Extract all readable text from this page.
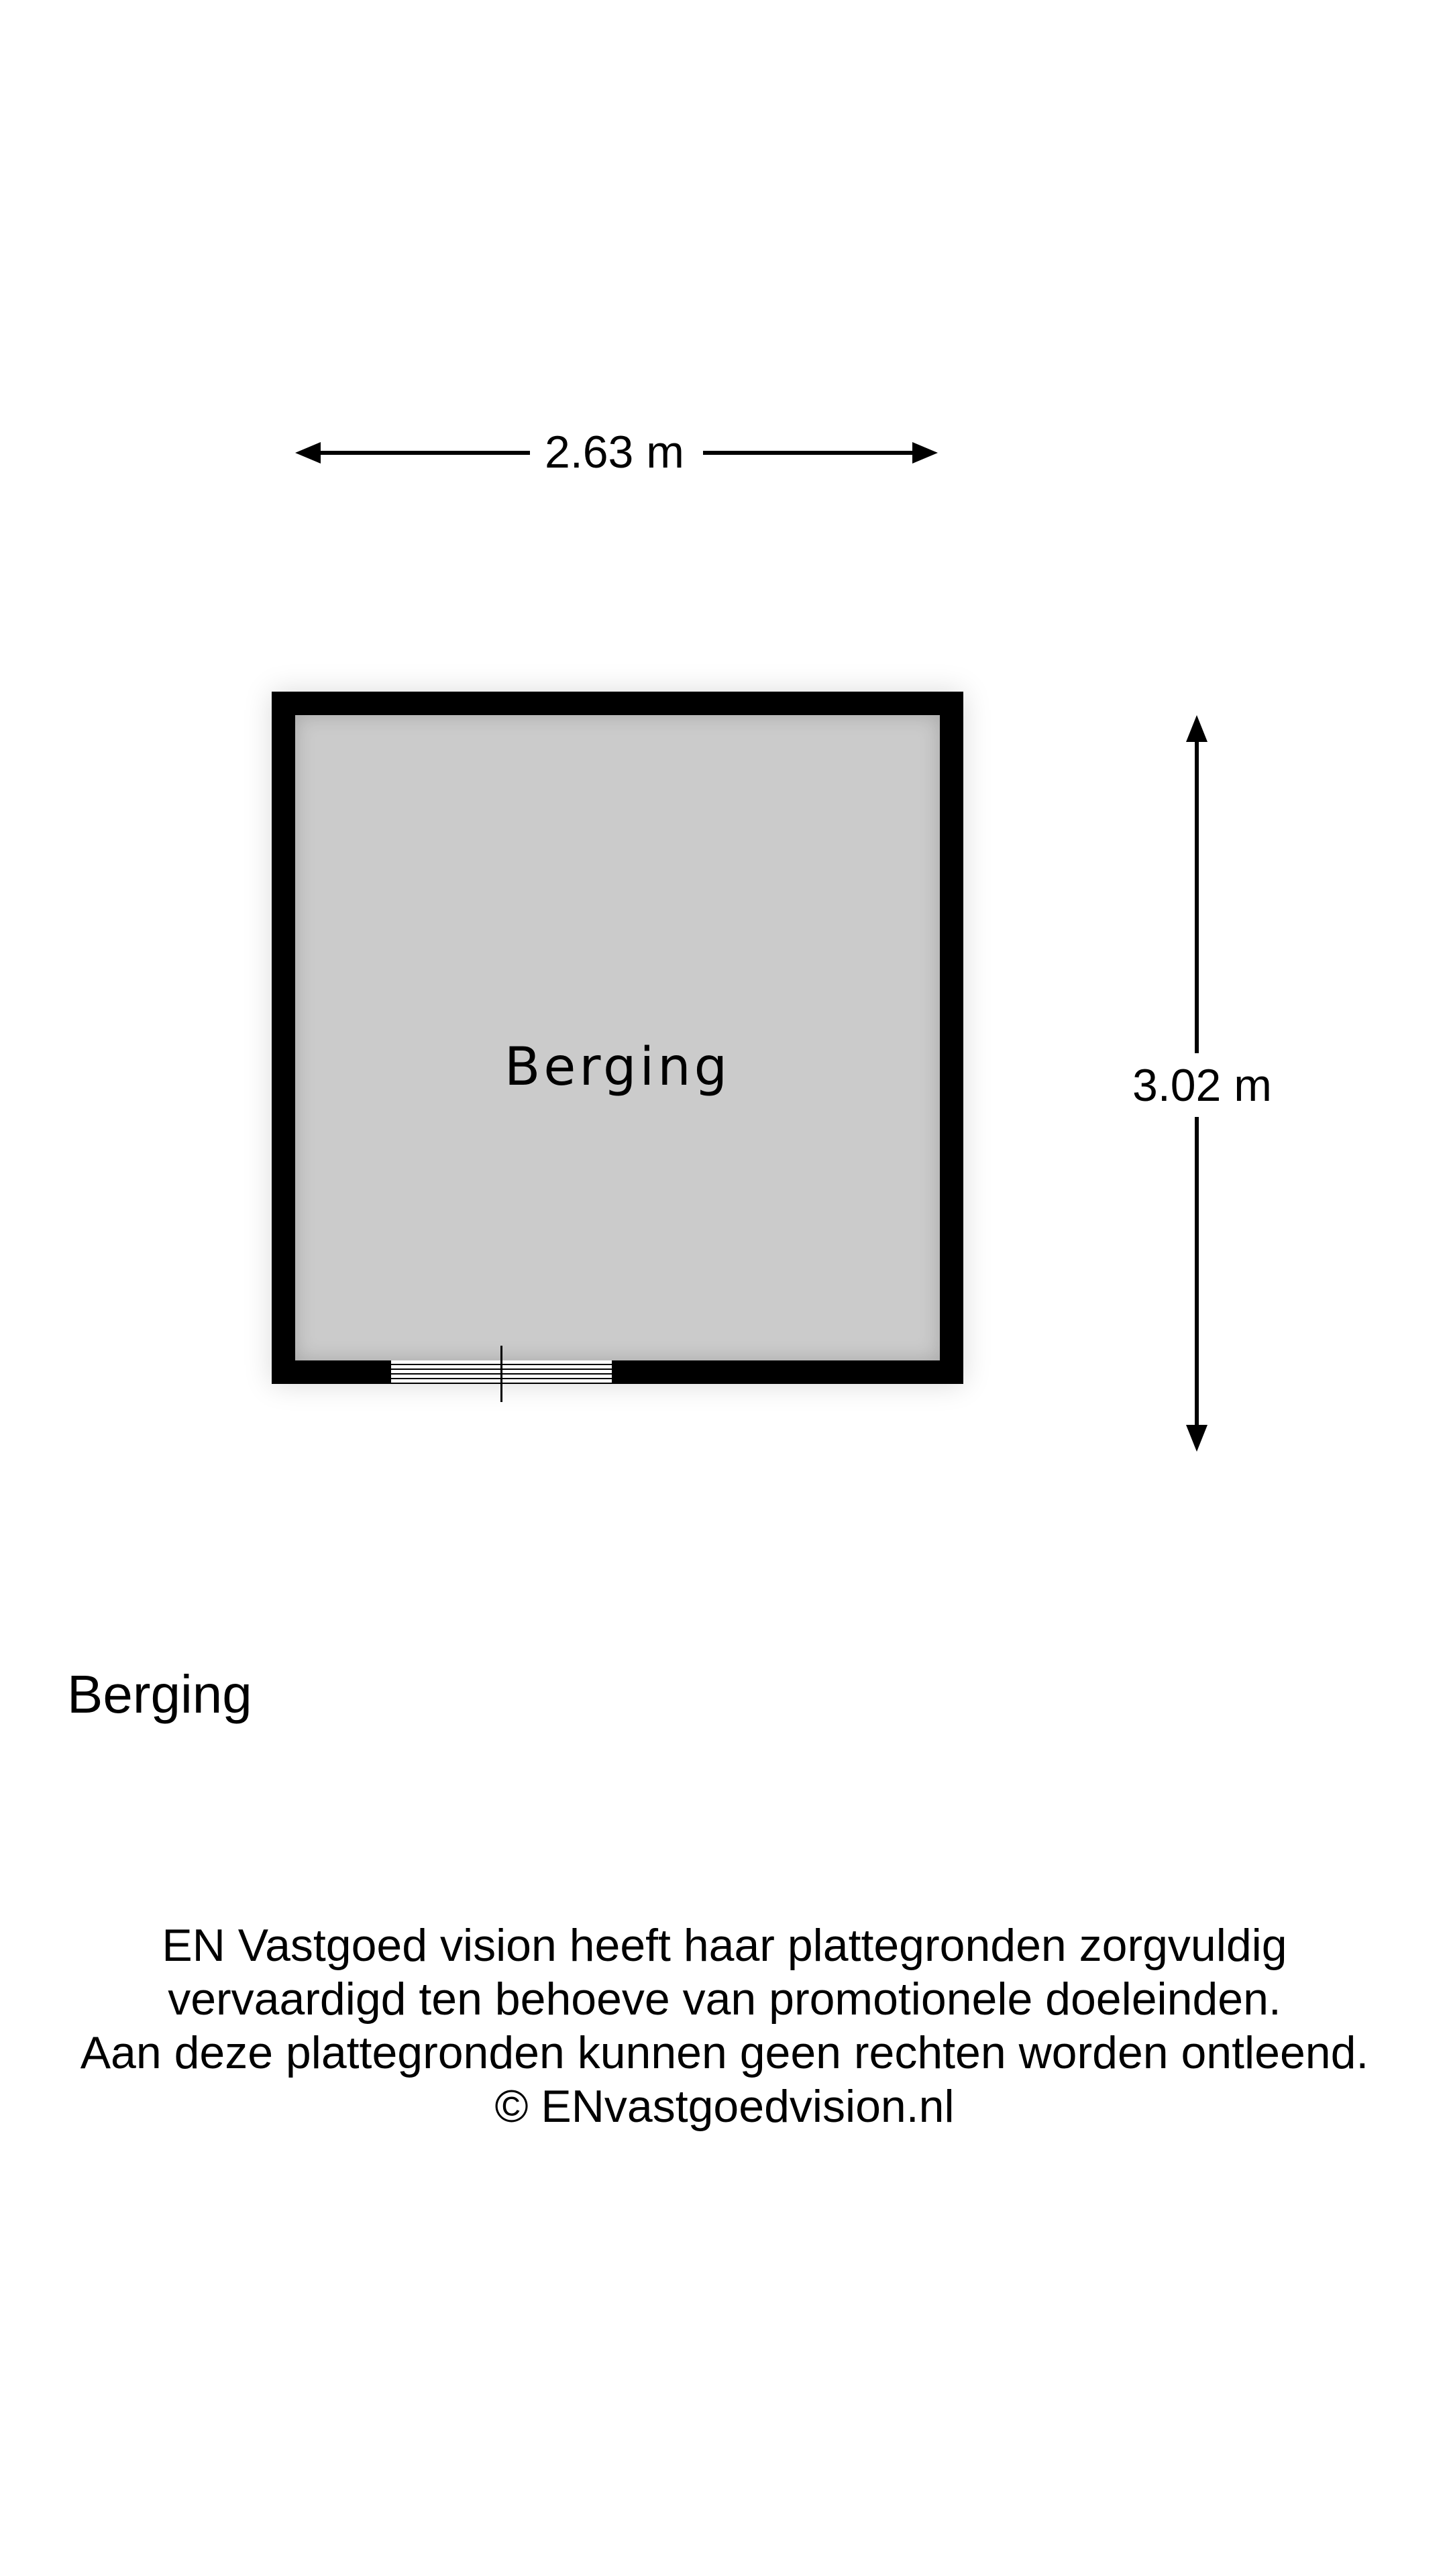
2.63 m
3.02 m
Berging
Berging
EN Vastgoed vision heeft haar plattegronden zorgvuldig
vervaardigd ten behoeve van promotionele doeleinden.
Aan deze plattegronden kunnen geen rechten worden ontleend.
© ENvastgoedvision.nl
